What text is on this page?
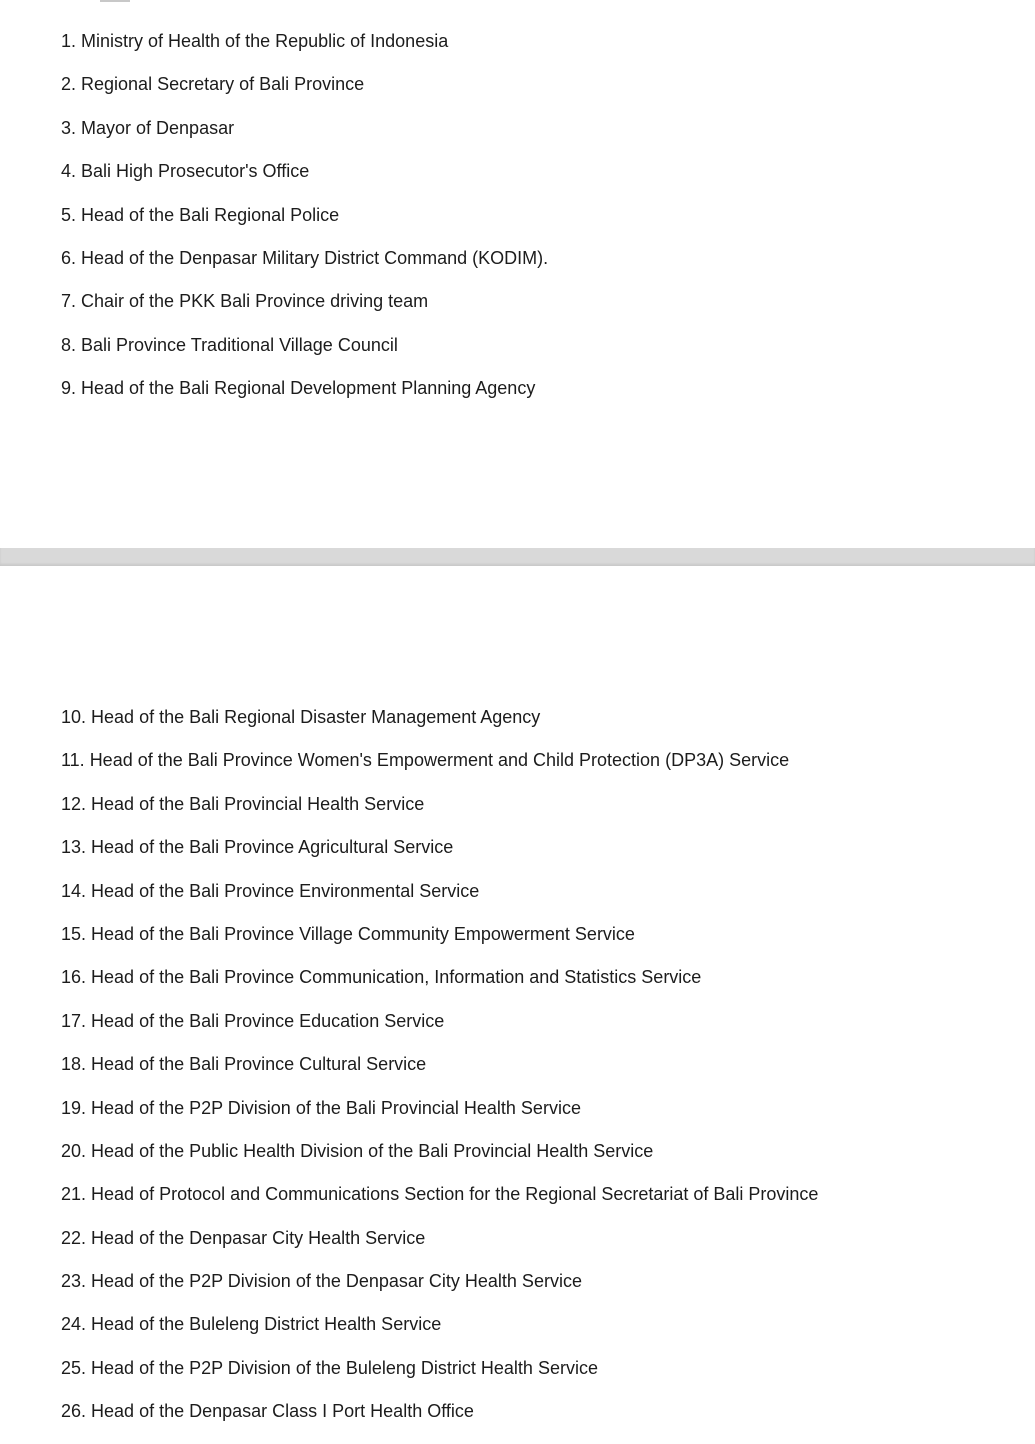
1. Ministry of Health of the Republic of Indonesia
2. Regional Secretary of Bali Province
3. Mayor of Denpasar
4. Bali High Prosecutor's Office
5. Head of the Bali Regional Police
6. Head of the Denpasar Military District Command (KODIM).
7. Chair of the PKK Bali Province driving team
8. Bali Province Traditional Village Council
9. Head of the Bali Regional Development Planning Agency
10. Head of the Bali Regional Disaster Management Agency
11. Head of the Bali Province Women's Empowerment and Child Protection (DP3A) Service
12. Head of the Bali Provincial Health Service
13. Head of the Bali Province Agricultural Service
14. Head of the Bali Province Environmental Service
15. Head of the Bali Province Village Community Empowerment Service
16. Head of the Bali Province Communication, Information and Statistics Service
17. Head of the Bali Province Education Service
18. Head of the Bali Province Cultural Service
19. Head of the P2P Division of the Bali Provincial Health Service
20. Head of the Public Health Division of the Bali Provincial Health Service
21. Head of Protocol and Communications Section for the Regional Secretariat of Bali Province
22. Head of the Denpasar City Health Service
23. Head of the P2P Division of the Denpasar City Health Service
24. Head of the Buleleng District Health Service
25. Head of the P2P Division of the Buleleng District Health Service
26. Head of the Denpasar Class I Port Health Office
